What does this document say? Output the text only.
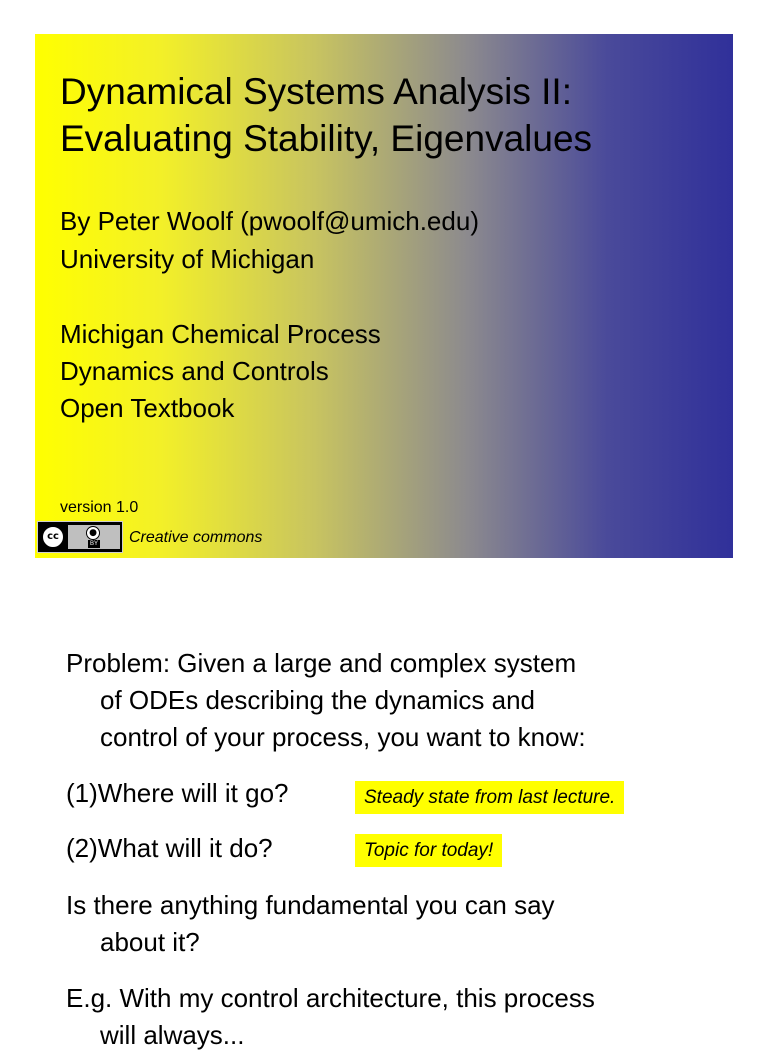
Dynamical Systems Analysis II:
Evaluating Stability, Eigenvalues

By Peter Woolf (pwoolf@umich.edu)

University of Michigan

Michigan Chemical Process

Dynamics and Controls

Open Textbook

version 1.0

cc	●
BY Creative commons

Problem: Given a large and complex system
of ODEs describing the dynamics and
control of your process, you want to know:

(1)Where will it go?	Steady state from last lecture.

(2)What will it do?	Topic for today!

Is there anything fundamental you can say
about it?

E.g. With my control architecture, this process
will always...
